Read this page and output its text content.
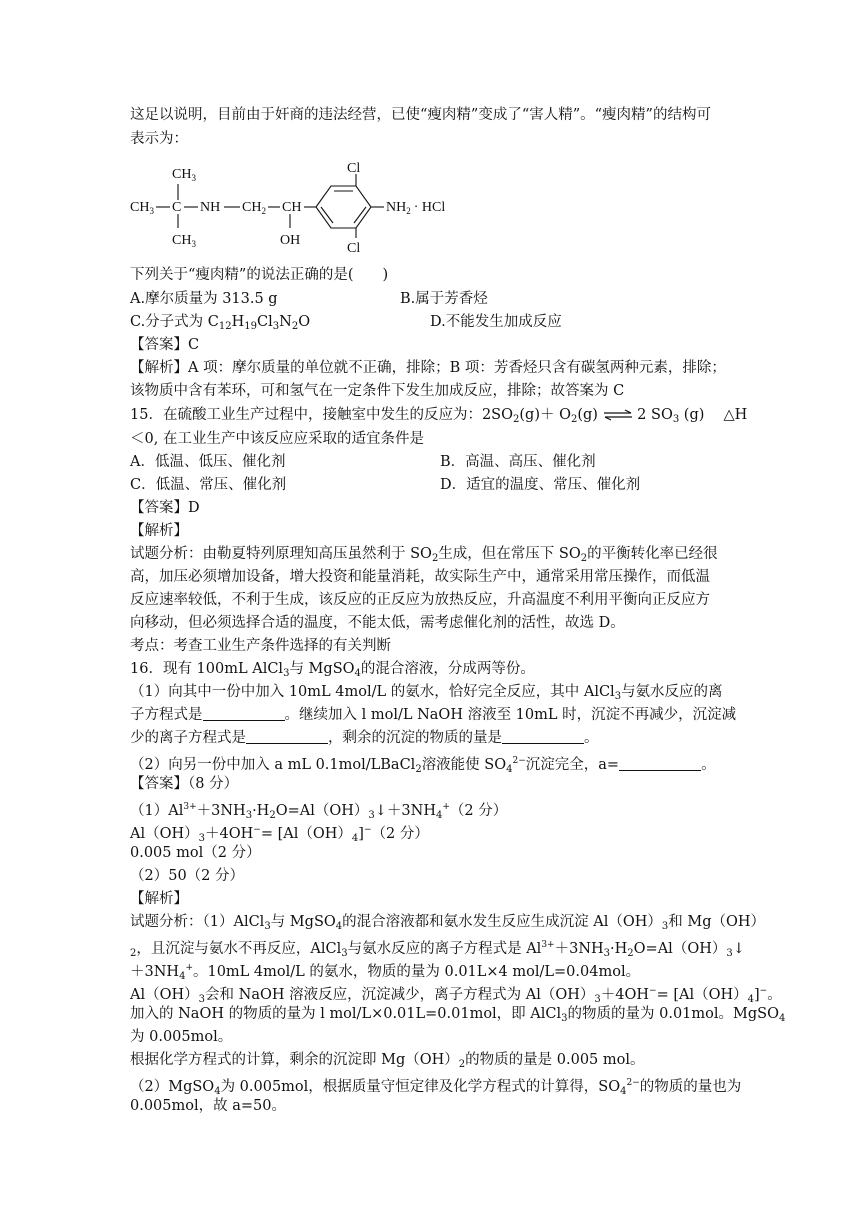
这足以说明，目前由于奸商的违法经营，已使“瘦肉精”变成了“害人精”。“瘦肉精”的结构可
表示为：
$CH_3$
$CH_3$ C
$CH_3$
NH $CH_2$ CH
OH
Cl
Cl
$NH_2$ · HCl
下列关于“瘦肉精”的说法正确的是(　　)
A.摩尔质量为 313.5 g	B.属于芳香烃
C.分子式为 $C_{12}H_{19}Cl_3N_2O$	D.不能发生加成反应
【答案】C
【解析】A 项：摩尔质量的单位就不正确，排除；B 项：芳香烃只含有碳氢两种元素，排除；
该物质中含有苯环，可和氢气在一定条件下发生加成反应，排除；故答案为 C
15．在硫酸工业生产过程中，接触室中发生的反应为：$2SO_2(g)+ O_2(g)$ ⇌ 2 $SO_3$ (g)　 △H
＜0, 在工业生产中该反应应采取的适宜条件是
A．低温、低压、催化剂	B．高温、高压、催化剂
C．低温、常压、催化剂	D．适宜的温度、常压、催化剂
【答案】D
【解析】
试题分析：由勒夏特列原理知高压虽然利于 $SO_2$生成，但在常压下 $SO_2$的平衡转化率已经很
高，加压必须增加设备，增大投资和能量消耗，故实际生产中，通常采用常压操作，而低温
反应速率较低，不利于生成，该反应的正反应为放热反应，升高温度不利用平衡向正反应方
向移动，但必须选择合适的温度，不能太低，需考虑催化剂的活性，故选 D。
考点：考查工业生产条件选择的有关判断
16．现有 100mL AlCl$_3$与 MgSO$_4$的混合溶液，分成两等份。
（1）向其中一份中加入 10mL 4mol/L 的氨水，恰好完全反应，其中 AlCl$_3$与氨水反应的离
子方程式是	。继续加入 l mol/L NaOH 溶液至 10mL 时，沉淀不再减少，沉淀减
少的离子方程式是	，剩余的沉淀的物质的量是	。
（2）向另一份中加入 a mL 0.1mol/LBaCl$_2$溶液能使 $SO_4^{2-}$沉淀完全，a=	。
【答案】（8 分）
$(1)Al^{3+}+3NH_3\cdot H_2O=Al(OH)_3↓+3NH_4^+(2$ 分）
$Al(OH)_3+4OH^-= [Al(OH)_4]^-(2$ 分）
0.005 mol（2 分）
（2）50（2 分）
【解析】
试题分析：（1）AlCl$_3$与 MgSO$_4$的混合溶液都和氨水发生反应生成沉淀 $Al(OH)_3$和 Mg（OH）
$_2$，且沉淀与氨水不再反应，AlCl$_3$与氨水反应的离子方程式是 $Al^{3+}+3NH_3\cdot H_2O=Al(OH)_3↓$
$+3NH_4^+$。10mL 4mol/L 的氨水，物质的量为 0.01L×4 mol/L=0.04mol。
$Al(OH)_3$会和 NaOH 溶液反应，沉淀减少，离子方程式为 $Al(OH)_3+4OH^-= [Al(OH)_4]^-$。
加入的 NaOH 的物质的量为 l mol/L×0.01L=0.01mol，即 AlCl$_3$的物质的量为 0.01mol。MgSO$_4$
为 0.005mol。
根据化学方程式的计算，剩余的沉淀即 $Mg(OH)_2$的物质的量是 0.005 mol。
（2）MgSO$_4$为 0.005mol，根据质量守恒定律及化学方程式的计算得，$SO_4^{2-}$的物质的量也为
0.005mol，故 a=50。
